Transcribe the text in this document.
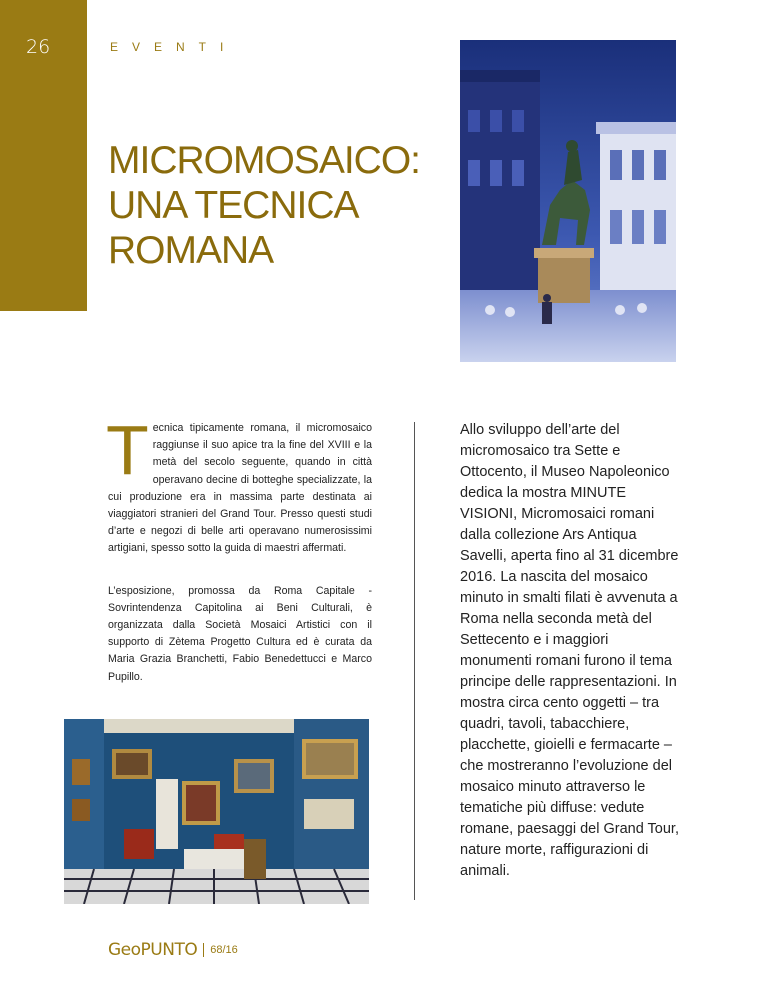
26	EVENTI
MICROMOSAICO:
UNA TECNICA
ROMANA

Tecnica tipicamente romana, il micromosaico raggiunse il suo apice tra la fine del XVIII e la metà del secolo seguente, quando in città operavano decine di botteghe specializzate, la cui produzione era in massima parte destinata ai viaggiatori stranieri del Grand Tour. Presso questi studi d’arte e negozi di belle arti operavano numerosissimi artigiani, spesso sotto la guida di maestri affermati.

L’esposizione, promossa da Roma Capitale - Sovrintendenza Capitolina ai Beni Culturali, è organizzata dalla Società Mosaici Artistici con il supporto di Zètema Progetto Cultura ed è curata da Maria Grazia Branchetti, Fabio Benedettucci e Marco Pupillo.

Allo sviluppo dell’arte del micromosaico tra Sette e Ottocento, il Museo Napoleonico dedica la mostra MINUTE VISIONI, Micromosaici romani dalla collezione Ars Antiqua Savelli, aperta fino al 31 dicembre 2016. La nascita del mosaico minuto in smalti filati è avvenuta a Roma nella seconda metà del Settecento e i maggiori monumenti romani furono il tema principe delle rappresentazioni. In mostra circa cento oggetti – tra quadri, tavoli, tabacchiere, placchette, gioielli e fermacarte – che mostreranno l’evoluzione del mosaico minuto attraverso le tematiche più diffuse: vedute romane, paesaggi del Grand Tour, nature morte, raffigurazioni di animali.

GeoPUNTO 68/16
